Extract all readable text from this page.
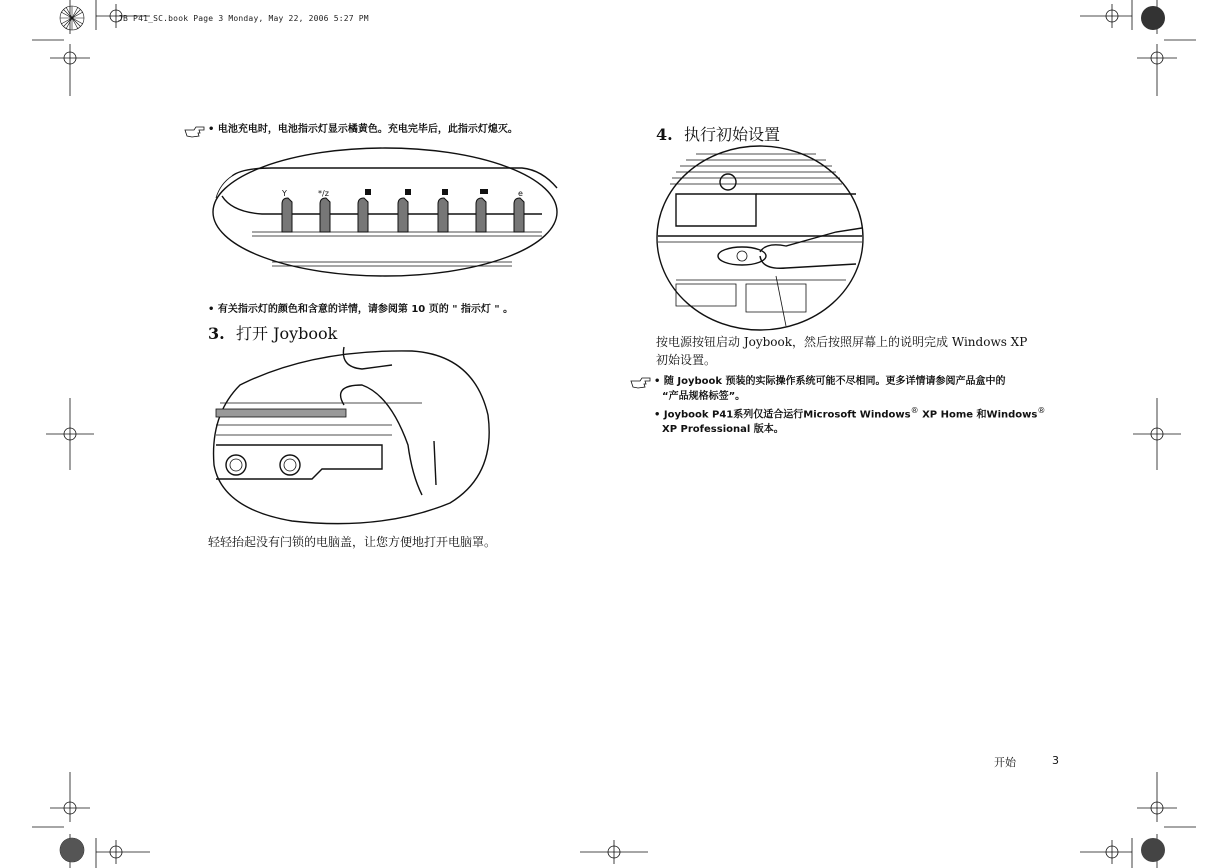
JB P41_SC.book Page 3 Monday, May 22, 2006 5:27 PM
• 电池充电时，电池指示灯显示橘黄色。充电完毕后，此指示灯熄灭。
Y	*/z	e
• 有关指示灯的颜色和含意的详情，请参阅第 10 页的 " 指示灯 " 。
3. 打开 Joybook
轻轻抬起没有闩锁的电脑盖，让您方便地打开电脑罩。
4. 执行初始设置
按电源按钮启动 Joybook，然后按照屏幕上的说明完成 Windows XP
初始设置。
• 随 Joybook 预装的实际操作系统可能不尽相同。更多详情请参阅产品盒中的
“产品规格标签”。
• Joybook P41系列仅适合运行Microsoft Windows® XP Home 和Windows®
XP Professional 版本。
开始	3
